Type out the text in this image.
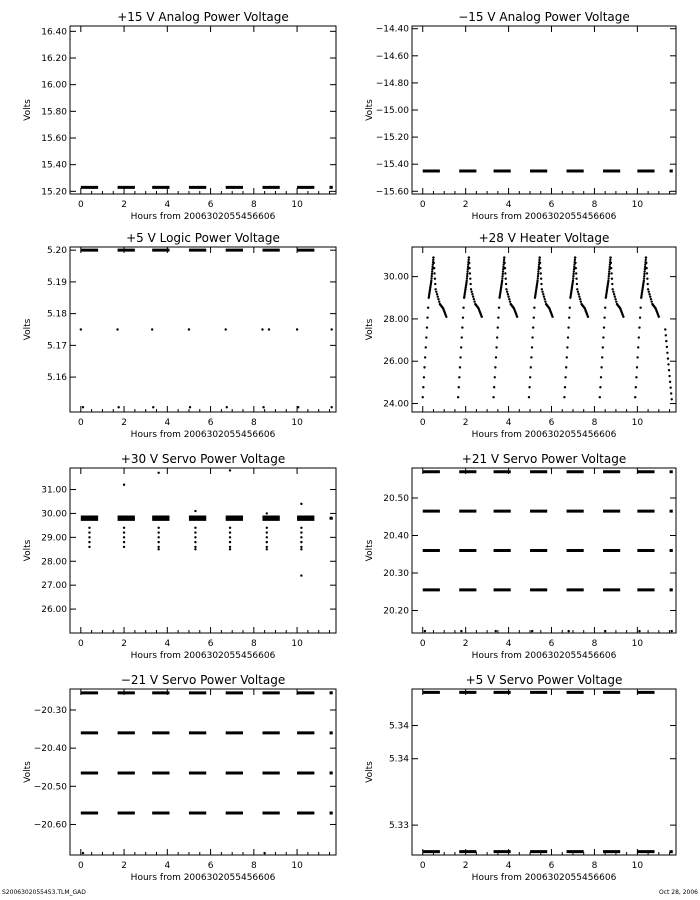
+15 V Analog Power Voltage
0	2	4	6	8	10
15.20
15.40
15.60
15.80
16.00
16.20
16.40
Hours from 2006302055456606
Volts
−15 V Analog Power Voltage
0	2	4	6	8	10
−15.60
−15.40
−15.20
−15.00
−14.80
−14.60
−14.40
Hours from 2006302055456606
Volts
+5 V Logic Power Voltage
0	2	4	6	8	10
5.16
5.17
5.18
5.19
5.20
Hours from 2006302055456606
Volts
+28 V Heater Voltage
0	2	4	6	8	10
24.00
26.00
28.00
30.00
Hours from 2006302055456606
Volts
+30 V Servo Power Voltage
0	2	4	6	8	10
26.00
27.00
28.00
29.00
30.00
31.00
Hours from 2006302055456606
Volts
+21 V Servo Power Voltage
0	2	4	6	8	10
20.20
20.30
20.40
20.50
Hours from 2006302055456606
Volts
−21 V Servo Power Voltage
0	2	4	6	8	10
−20.60
−20.50
−20.40
−20.30
Hours from 2006302055456606
Volts
+5 V Servo Power Voltage
0	2	4	6	8	10
5.33
5.34
5.34
Hours from 2006302055456606
Volts
S2006302055453.TLM_GAD	Oct 28, 2006
